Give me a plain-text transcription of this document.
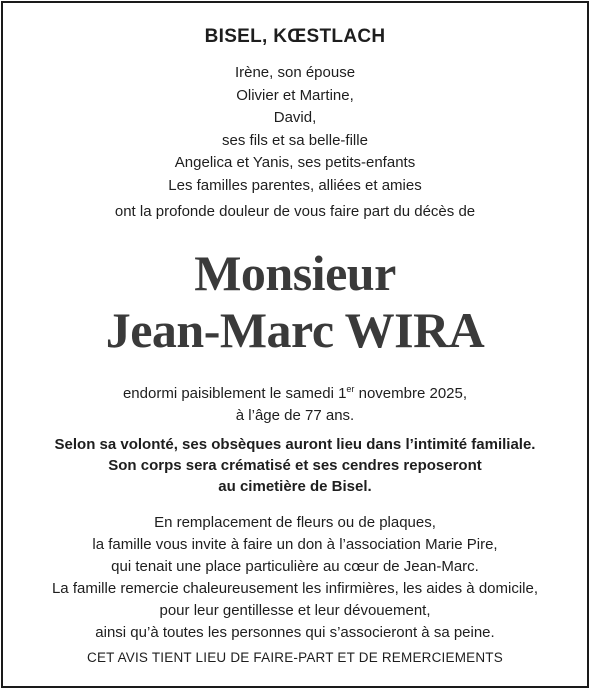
BISEL, KŒSTLACH
Irène, son épouse
Olivier et Martine,
David,
ses fils et sa belle-fille
Angelica et Yanis, ses petits-enfants
Les familles parentes, alliées et amies
ont la profonde douleur de vous faire part du décès de
Monsieur
Jean-Marc WIRA
endormi paisiblement le samedi 1er novembre 2025,
à l’âge de 77 ans.
Selon sa volonté, ses obsèques auront lieu dans l’intimité familiale.
Son corps sera crématisé et ses cendres reposeront
au cimetière de Bisel.
En remplacement de fleurs ou de plaques,
la famille vous invite à faire un don à l’association Marie Pire,
qui tenait une place particulière au cœur de Jean-Marc.
La famille remercie chaleureusement les infirmières, les aides à domicile,
pour leur gentillesse et leur dévouement,
ainsi qu’à toutes les personnes qui s’associeront à sa peine.
CET AVIS TIENT LIEU DE FAIRE-PART ET DE REMERCIEMENTS
